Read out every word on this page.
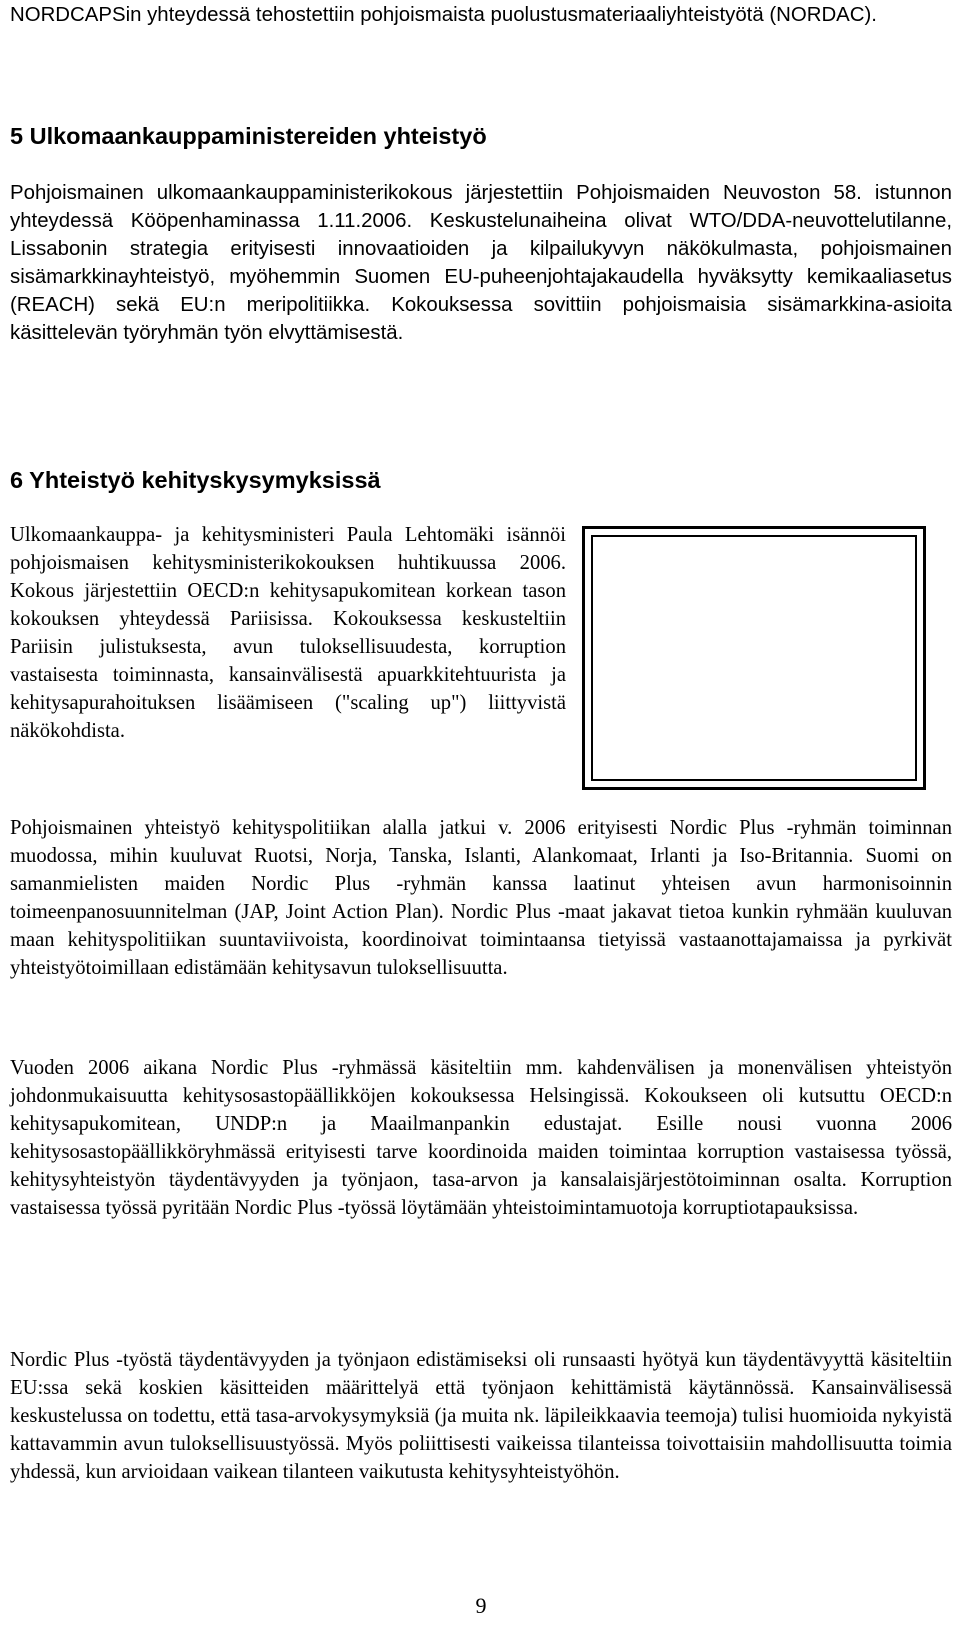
NORDCAPSin yhteydessä tehostettiin pohjoismaista puolustusmateriaaliyhteistyötä (NORDAC).

5 Ulkomaankauppaministereiden yhteistyö

Pohjoismainen ulkomaankauppaministerikokous järjestettiin Pohjoismaiden Neuvoston 58. istunnon yhteydessä Kööpenhaminassa 1.11.2006. Keskustelunaiheina olivat WTO/DDA-neuvottelutilanne, Lissabonin strategia erityisesti innovaatioiden ja kilpailukyvyn näkökulmasta, pohjoismainen sisämarkkinayhteistyö, myöhemmin Suomen EU-puheenjohtajakaudella hyväksytty kemikaaliasetus (REACH) sekä EU:n meripolitiikka. Kokouksessa sovittiin pohjoismaisia sisämarkkina-asioita käsittelevän työryhmän työn elvyttämisestä.

6 Yhteistyö kehityskysymyksissä

Ulkomaankauppa- ja kehitysministeri Paula Lehtomäki isännöi pohjoismaisen kehitysministerikokouksen huhtikuussa 2006. Kokous järjestettiin OECD:n kehitysapukomitean korkean tason kokouksen yhteydessä Pariisissa. Kokouksessa keskusteltiin Pariisin julistuksesta, avun tuloksellisuudesta, korruption vastaisesta toiminnasta, kansainvälisestä apuarkkitehtuurista ja kehitysapurahoituksen lisäämiseen ("scaling up") liittyvistä näkökohdista.

Pohjoismainen yhteistyö kehityspolitiikan alalla jatkui v. 2006 erityisesti Nordic Plus -ryhmän toiminnan muodossa, mihin kuuluvat Ruotsi, Norja, Tanska, Islanti, Alankomaat, Irlanti ja Iso-Britannia. Suomi on samanmielisten maiden Nordic Plus -ryhmän kanssa laatinut yhteisen avun harmonisoinnin toimeenpanosuunnitelman (JAP, Joint Action Plan). Nordic Plus -maat jakavat tietoa kunkin ryhmään kuuluvan maan kehityspolitiikan suuntaviivoista, koordinoivat toimintaansa tietyissä vastaanottajamaissa ja pyrkivät yhteistyötoimillaan edistämään kehitysavun tuloksellisuutta.

Vuoden 2006 aikana Nordic Plus -ryhmässä käsiteltiin mm. kahdenvälisen ja monenvälisen yhteistyön johdonmukaisuutta kehitysosastopäällikköjen kokouksessa Helsingissä. Kokoukseen oli kutsuttu OECD:n kehitysapukomitean, UNDP:n ja Maailmanpankin edustajat. Esille nousi vuonna 2006 kehitysosastopäällikköryhmässä erityisesti tarve koordinoida maiden toimintaa korruption vastaisessa työssä, kehitysyhteistyön täydentävyyden ja työnjaon, tasa-arvon ja kansalaisjärjestötoiminnan osalta. Korruption vastaisessa työssä pyritään Nordic Plus -työssä löytämään yhteistoimintamuotoja korruptiotapauksissa.

Nordic Plus -työstä täydentävyyden ja työnjaon edistämiseksi oli runsaasti hyötyä kun täydentävyyttä käsiteltiin EU:ssa sekä koskien käsitteiden määrittelyä että työnjaon kehittämistä käytännössä. Kansainvälisessä keskustelussa on todettu, että tasa-arvokysymyksiä (ja muita nk. läpileikkaavia teemoja) tulisi huomioida nykyistä kattavammin avun tuloksellisuustyössä. Myös poliittisesti vaikeissa tilanteissa toivottaisiin mahdollisuutta toimia yhdessä, kun arvioidaan vaikean tilanteen vaikutusta kehitysyhteistyöhön.

9
